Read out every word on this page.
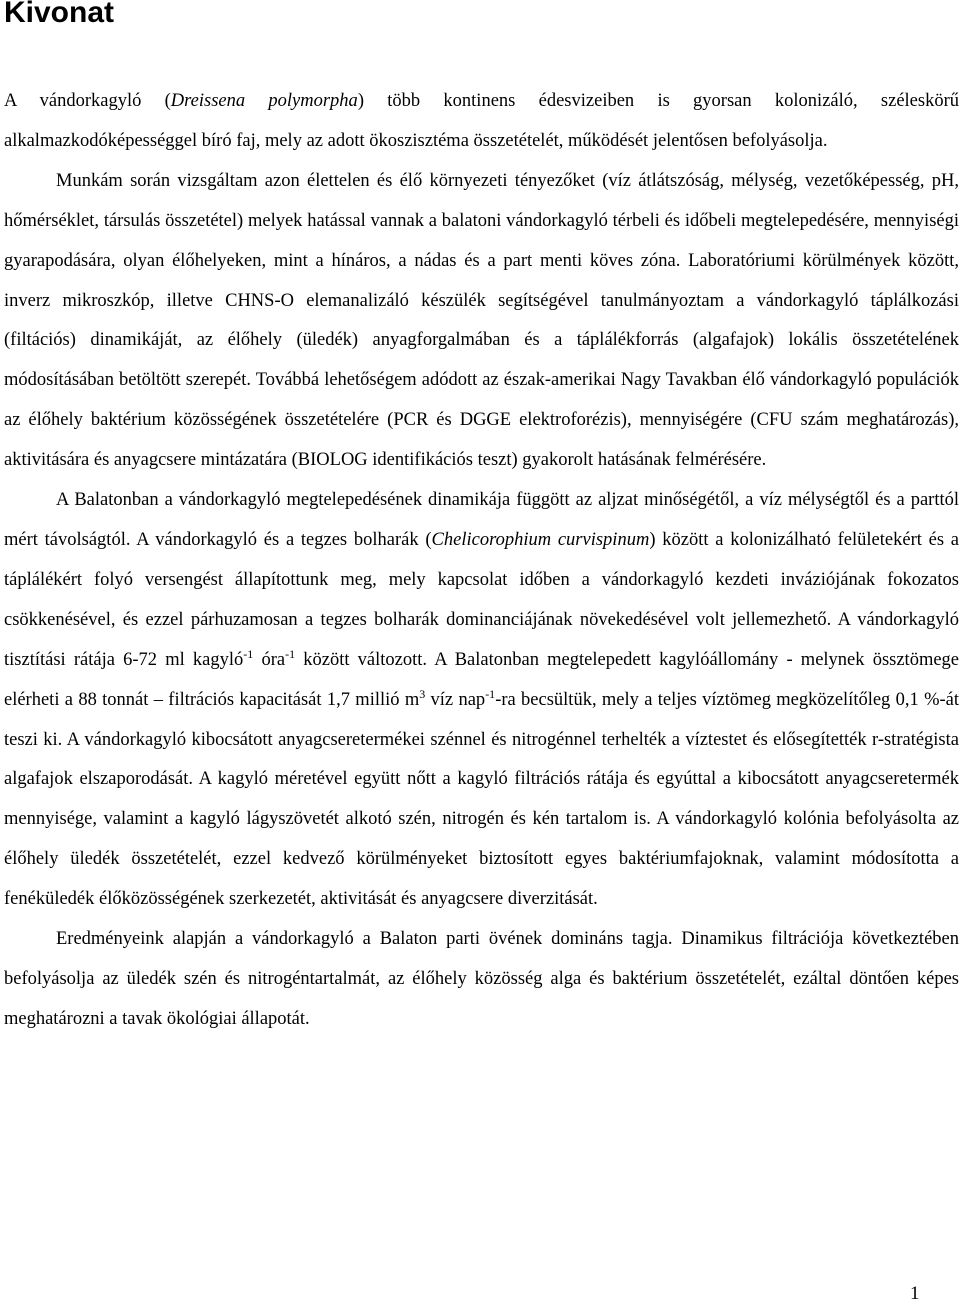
Kivonat

A vándorkagyló (Dreissena polymorpha) több kontinens édesvizeiben is gyorsan kolonizáló, széleskörű alkalmazkodóképességgel bíró faj, mely az adott ökoszisztéma összetételét, működését jelentősen befolyásolja.

Munkám során vizsgáltam azon élettelen és élő környezeti tényezőket (víz átlátszóság, mélység, vezetőképesség, pH, hőmérséklet, társulás összetétel) melyek hatással vannak a balatoni vándorkagyló térbeli és időbeli megtelepedésére, mennyiségi gyarapodására, olyan élőhelyeken, mint a hínáros, a nádas és a part menti köves zóna. Laboratóriumi körülmények között, inverz mikroszkóp, illetve CHNS-O elemanalizáló készülék segítségével tanulmányoztam a vándorkagyló táplálkozási (filtációs) dinamikáját, az élőhely (üledék) anyagforgalmában és a táplálékforrás (algafajok) lokális összetételének módosításában betöltött szerepét. Továbbá lehetőségem adódott az észak-amerikai Nagy Tavakban élő vándorkagyló populációk az élőhely baktérium közösségének összetételére (PCR és DGGE elektroforézis), mennyiségére (CFU szám meghatározás), aktivitására és anyagcsere mintázatára (BIOLOG identifikációs teszt) gyakorolt hatásának felmérésére.

A Balatonban a vándorkagyló megtelepedésének dinamikája függött az aljzat minőségétől, a víz mélységtől és a parttól mért távolságtól. A vándorkagyló és a tegzes bolharák (Chelicorophium curvispinum) között a kolonizálható felületekért és a táplálékért folyó versengést állapítottunk meg, mely kapcsolat időben a vándorkagyló kezdeti inváziójának fokozatos csökkenésével, és ezzel párhuzamosan a tegzes bolharák dominanciájának növekedésével volt jellemezhető. A vándorkagyló tisztítási rátája 6-72 ml kagyló$^{-1}$ óra$^{-1}$ között változott. A Balatonban megtelepedett kagylóállomány - melynek össztömege elérheti a 88 tonnát – filtrációs kapacitását 1,7 millió $m^3$ víz nap$^{-1}$-ra becsültük, mely a teljes víztömeg megközelítőleg 0,1 %-át teszi ki. A vándorkagyló kibocsátott anyagcseretermékei szénnel és nitrogénnel terhelték a víztestet és elősegítették r-stratégista algafajok elszaporodását. A kagyló méretével együtt nőtt a kagyló filtrációs rátája és egyúttal a kibocsátott anyagcseretermék mennyisége, valamint a kagyló lágyszövetét alkotó szén, nitrogén és kén tartalom is. A vándorkagyló kolónia befolyásolta az élőhely üledék összetételét, ezzel kedvező körülményeket biztosított egyes baktériumfajoknak, valamint módosította a fenéküledék élőközösségének szerkezetét, aktivitását és anyagcsere diverzitását.

Eredményeink alapján a vándorkagyló a Balaton parti övének domináns tagja. Dinamikus filtrációja következtében befolyásolja az üledék szén és nitrogéntartalmát, az élőhely közösség alga és baktérium összetételét, ezáltal döntően képes meghatározni a tavak ökológiai állapotát.

1
